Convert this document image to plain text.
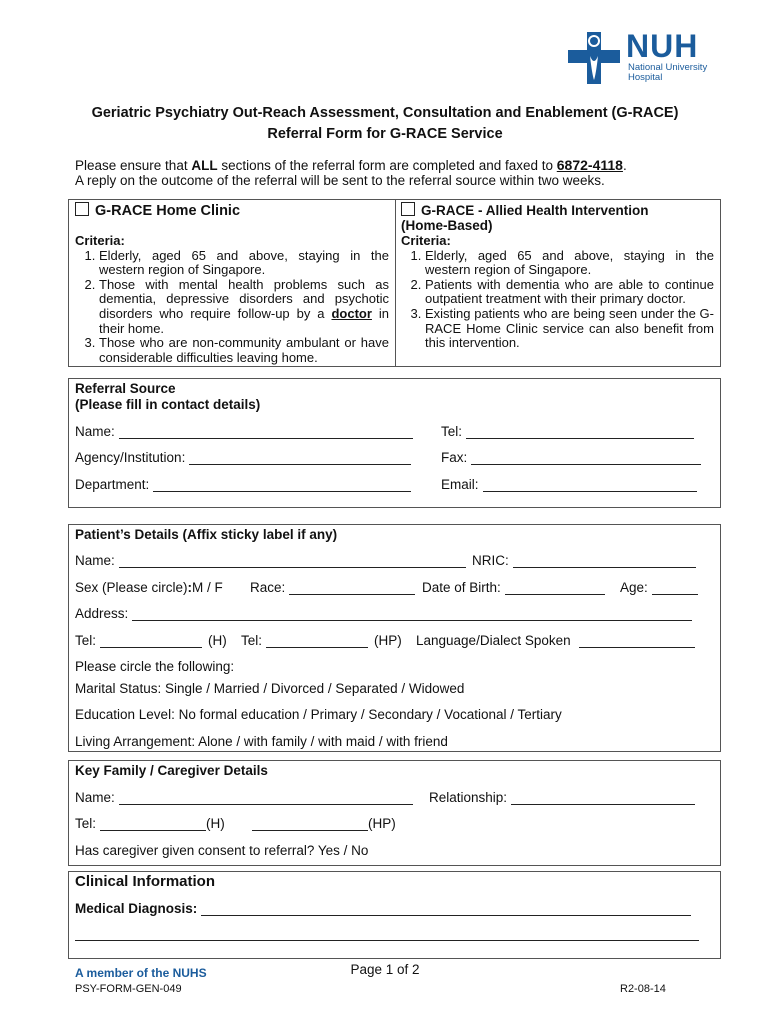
NUH
National University
Hospital
Geriatric Psychiatry Out-Reach Assessment, Consultation and Enablement (G-RACE)
Referral Form for G-RACE Service
Please ensure that ALL sections of the referral form are completed and faxed to 6872-4118.
A reply on the outcome of the referral will be sent to the referral source within two weeks.
G-RACE Home Clinic
Criteria:
1. Elderly, aged 65 and above, staying in the western region of Singapore.
2. Those with mental health problems such as dementia, depressive disorders and psychotic disorders who require follow-up by a doctor in their home.
3. Those who are non-community ambulant or have considerable difficulties leaving home.
G-RACE - Allied Health Intervention
(Home-Based)
Criteria:
1. Elderly, aged 65 and above, staying in the western region of Singapore.
2. Patients with dementia who are able to continue outpatient treatment with their primary doctor.
3. Existing patients who are being seen under the G-RACE Home Clinic service can also benefit from this intervention.
Referral Source
(Please fill in contact details)
Name:	Tel:
Agency/Institution:	Fax:
Department:	Email:
Patient’s Details (Affix sticky label if any)
Name:	NRIC:
Sex (Please circle) : M / F Race:	Date of Birth:	Age:
Address:
Tel:	(H) Tel:	(HP) Language/Dialect Spoken
Please circle the following:
Marital Status: Single / Married / Divorced / Separated / Widowed
Education Level: No formal education / Primary / Secondary / Vocational / Tertiary
Living Arrangement: Alone / with family / with maid / with friend
Key Family / Caregiver Details
Name:	Relationship:
Tel:	(H)	(HP)
Has caregiver given consent to referral? Yes / No
Clinical Information
Medical Diagnosis:
A member of the NUHS	Page 1 of 2
PSY-FORM-GEN-049	R2-08-14
